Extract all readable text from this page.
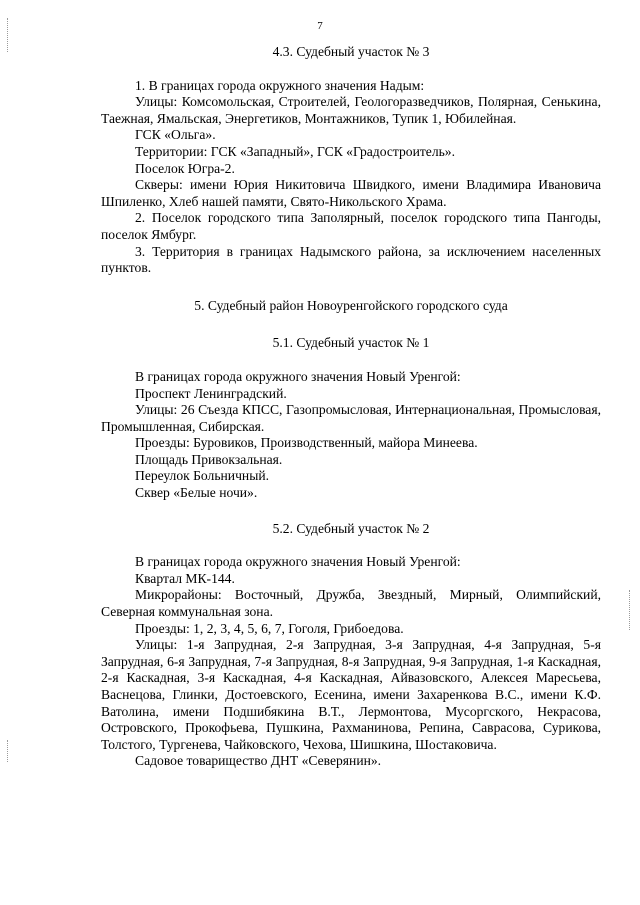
7

4.3. Судебный участок № 3

1. В границах города окружного значения Надым:

Улицы: Комсомольская, Строителей, Геологоразведчиков, Полярная, Сенькина, Таежная, Ямальская, Энергетиков, Монтажников, Тупик 1, Юбилейная.

ГСК «Ольга».

Территории: ГСК «Западный», ГСК «Градостроитель».

Поселок Югра-2.

Скверы: имени Юрия Никитовича Швидкого, имени Владимира Ивановича Шпиленко, Хлеб нашей памяти, Свято-Никольского Храма.

2. Поселок городского типа Заполярный, поселок городского типа Пангоды, поселок Ямбург.

3. Территория в границах Надымского района, за исключением населенных пунктов.

5. Судебный район Новоуренгойского городского суда

5.1. Судебный участок № 1

В границах города окружного значения Новый Уренгой:

Проспект Ленинградский.

Улицы: 26 Съезда КПСС, Газопромысловая, Интернациональная, Промысловая, Промышленная, Сибирская.

Проезды: Буровиков, Производственный, майора Минеева.

Площадь Привокзальная.

Переулок Больничный.

Сквер «Белые ночи».

5.2. Судебный участок № 2

В границах города окружного значения Новый Уренгой:

Квартал МК-144.

Микрорайоны: Восточный, Дружба, Звездный, Мирный, Олимпийский, Северная коммунальная зона.

Проезды: 1, 2, 3, 4, 5, 6, 7, Гоголя, Грибоедова.

Улицы: 1-я Запрудная, 2-я Запрудная, 3-я Запрудная, 4-я Запрудная, 5-я Запрудная, 6-я Запрудная, 7-я Запрудная, 8-я Запрудная, 9-я Запрудная, 1-я Каскадная, 2-я Каскадная, 3-я Каскадная, 4-я Каскадная, Айвазовского, Алексея Маресьева, Васнецова, Глинки, Достоевского, Есенина, имени Захаренкова В.С., имени К.Ф. Ватолина, имени Подшибякина В.Т., Лермонтова, Мусоргского, Некрасова, Островского, Прокофьева, Пушкина, Рахманинова, Репина, Саврасова, Сурикова, Толстого, Тургенева, Чайковского, Чехова, Шишкина, Шостаковича.

Садовое товарищество ДНТ «Северянин».
